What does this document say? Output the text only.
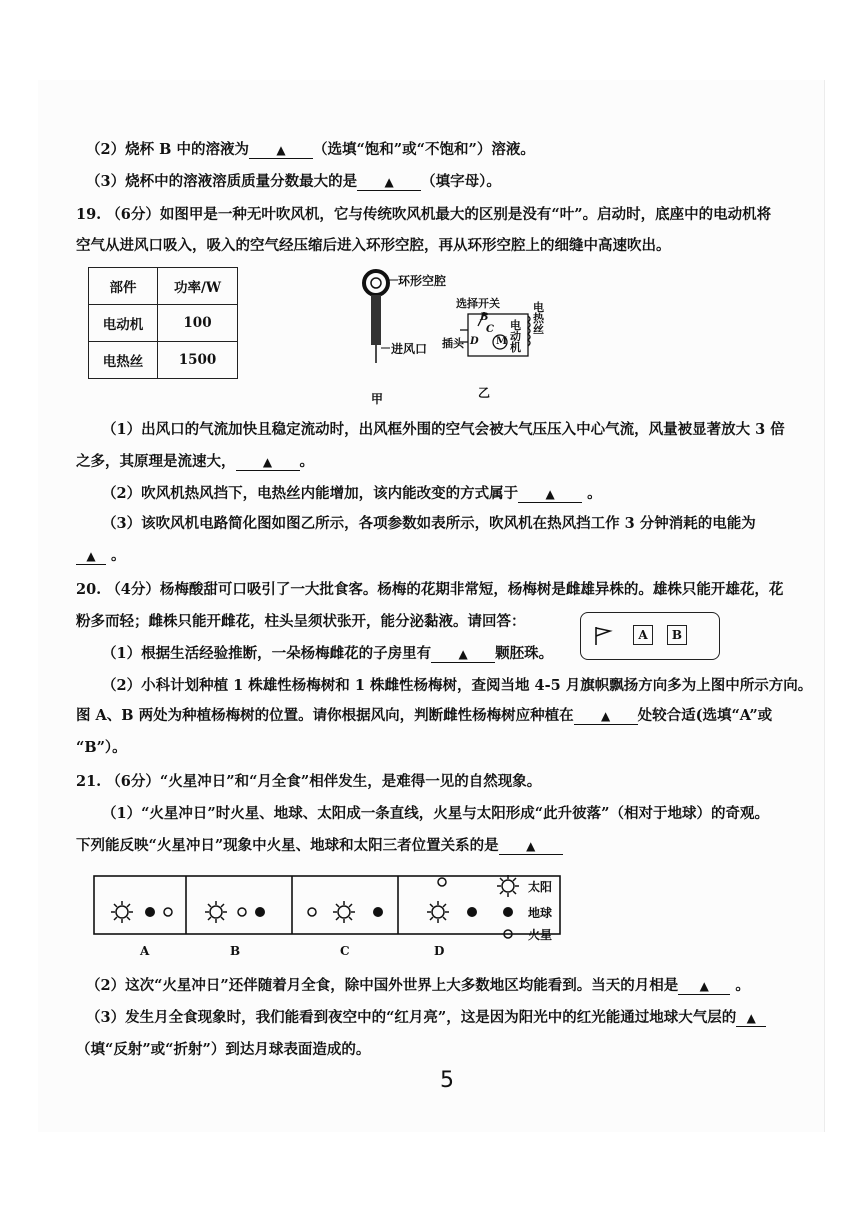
（2）烧杯 B 中的溶液为 ▲ （选填“饱和”或“不饱和”）溶液。
（3）烧杯中的溶液溶质质量分数最大的是 ▲ （填字母）。
19. （6分）如图甲是一种无叶吹风机，它与传统吹风机最大的区别是没有“叶”。启动时，底座中的电动机将
空气从进风口吸入，吸入的空气经压缩后进入环形空腔，再从环形空腔上的细缝中高速吹出。
部件	功率/W
电动机	100
电热丝	1500
环形空腔
进风口
甲
选择开关
插头	M
电动机
电热丝
B
C
D
乙
（1）出风口的气流加快且稳定流动时，出风框外围的空气会被大气压压入中心气流，风量被显著放大 3 倍
之多，其原理是流速大， ▲ 。
（2）吹风机热风挡下，电热丝内能增加，该内能改变的方式属于 ▲ 。
（3）该吹风机电路简化图如图乙所示，各项参数如表所示，吹风机在热风挡工作 3 分钟消耗的电能为
▲ 。
20. （4分）杨梅酸甜可口吸引了一大批食客。杨梅的花期非常短，杨梅树是雌雄异株的。雄株只能开雄花，花
粉多而轻；雌株只能开雌花，柱头呈须状张开，能分泌黏液。请回答：
A	B
（1）根据生活经验推断，一朵杨梅雌花的子房里有 ▲ 颗胚珠。
（2）小科计划种植 1 株雄性杨梅树和 1 株雌性杨梅树，查阅当地 4-5 月旗帜飘扬方向多为上图中所示方向。
图 A、B 两处为种植杨梅树的位置。请你根据风向，判断雌性杨梅树应种植在 ▲ 处较合适(选填“A”或
“B”）。
21. （6分）“火星冲日”和“月全食”相伴发生，是难得一见的自然现象。
（1）“火星冲日”时火星、地球、太阳成一条直线，火星与太阳形成“此升彼落”（相对于地球）的奇观。
下列能反映“火星冲日”现象中火星、地球和太阳三者位置关系的是 ▲
太阳
地球
火星
A	B	C	D
（2）这次“火星冲日”还伴随着月全食，除中国外世界上大多数地区均能看到。当天的月相是 ▲ 。
（3）发生月全食现象时，我们能看到夜空中的“红月亮”，这是因为阳光中的红光能通过地球大气层的 ▲
（填“反射”或“折射”）到达月球表面造成的。
5
